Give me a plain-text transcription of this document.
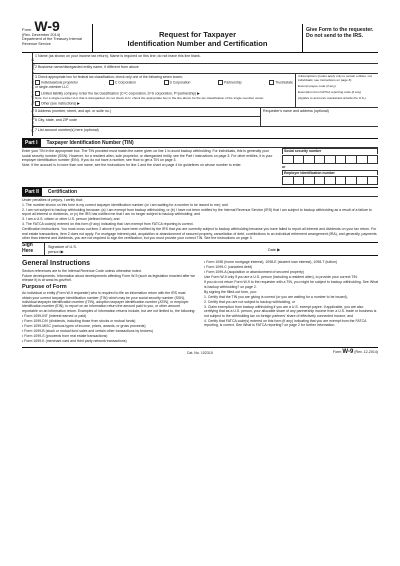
Form W-9
(Rev. December 2014)
Department of the Treasury Internal Revenue Service
Request for Taxpayer
Identification Number and Certification
Give Form to the requester. Do not send to the IRS.
Print or type See Specific Instructions on page 2.
1 Name (as shown on your income tax return). Name is required on this line; do not leave this line blank.
2 Business name/disregarded entity name, if different from above
3 Check appropriate box for federal tax classification; check only one of the following seven boxes:
Individual/sole proprietor or single-member LLC
C Corporation	S Corporation	Partnership	Trust/estate
Limited liability company. Enter the tax classification (C=C corporation, S=S corporation, P=partnership) ▶
Note. For a single-member LLC that is disregarded, do not check LLC; check the appropriate box in the line above for the tax classification of the single-member owner.
Other (see instructions) ▶
4 Exemptions (codes apply only to certain entities, not individuals; see instructions on page 3):
Exempt payee code (if any)
Exemption from FATCA reporting code (if any)
(Applies to accounts maintained outside the U.S.)
5 Address (number, street, and apt. or suite no.)
6 City, state, and ZIP code
Requester's name and address (optional)
7 List account number(s) here (optional)
Part I	Taxpayer Identification Number (TIN)
Enter your TIN in the appropriate box. The TIN provided must match the name given on line 1 to avoid backup withholding. For individuals, this is generally your social security number (SSN). However, for a resident alien, sole proprietor, or disregarded entity, see the Part I instructions on page 3. For other entities, it is your employer identification number (EIN). If you do not have a number, see How to get a TIN on page 3.
Note. If the account is in more than one name, see the instructions for line 1 and the chart on page 4 for guidelines on whose number to enter.
Social security number
or
Employer identification number
Part II	Certification
Under penalties of perjury, I certify that:
1. The number shown on this form is my correct taxpayer identification number (or I am waiting for a number to be issued to me); and
2. I am not subject to backup withholding because: (a) I am exempt from backup withholding, or (b) I have not been notified by the Internal Revenue Service (IRS) that I am subject to backup withholding as a result of a failure to report all interest or dividends, or (c) the IRS has notified me that I am no longer subject to backup withholding; and
3. I am a U.S. citizen or other U.S. person (defined below); and
4. The FATCA code(s) entered on this form (if any) indicating that I am exempt from FATCA reporting is correct.
Certification instructions. You must cross out item 2 above if you have been notified by the IRS that you are currently subject to backup withholding because you have failed to report all interest and dividends on your tax return. For real estate transactions, item 2 does not apply. For mortgage interest paid, acquisition or abandonment of secured property, cancellation of debt, contributions to an individual retirement arrangement (IRA), and generally, payments other than interest and dividends, you are not required to sign the certification, but you must provide your correct TIN. See the instructions on page 3.
Sign Here
Signature of U.S. person ▶	Date ▶
General Instructions
Section references are to the Internal Revenue Code unless otherwise noted.
Future developments. Information about developments affecting Form W-9 (such as legislation enacted after we release it) is at www.irs.gov/fw9.
Purpose of Form
An individual or entity (Form W-9 requester) who is required to file an information return with the IRS must obtain your correct taxpayer identification number (TIN) which may be your social security number (SSN), individual taxpayer identification number (ITIN), adoption taxpayer identification number (ATIN), or employer identification number (EIN), to report on an information return the amount paid to you, or other amount reportable on an information return. Examples of information returns include, but are not limited to, the following:
• Form 1099-INT (interest earned or paid)
• Form 1099-DIV (dividends, including those from stocks or mutual funds)
• Form 1099-MISC (various types of income, prizes, awards, or gross proceeds)
• Form 1099-B (stock or mutual fund sales and certain other transactions by brokers)
• Form 1099-S (proceeds from real estate transactions)
• Form 1099-K (merchant card and third party network transactions)
• Form 1098 (home mortgage interest), 1098-E (student loan interest), 1098-T (tuition)
• Form 1099-C (canceled debt)
• Form 1099-A (acquisition or abandonment of secured property)
Use Form W-9 only if you are a U.S. person (including a resident alien), to provide your correct TIN.
If you do not return Form W-9 to the requester with a TIN, you might be subject to backup withholding. See What is backup withholding? on page 2.
By signing the filled-out form, you:
1. Certify that the TIN you are giving is correct (or you are waiting for a number to be issued),
2. Certify that you are not subject to backup withholding, or
3. Claim exemption from backup withholding if you are a U.S. exempt payee. If applicable, you are also certifying that as a U.S. person, your allocable share of any partnership income from a U.S. trade or business is not subject to the withholding tax on foreign partners' share of effectively connected income, and
4. Certify that FATCA code(s) entered on this form (if any) indicating that you are exempt from the FATCA reporting, is correct. See What is FATCA reporting? on page 2 for further information.
Cat. No. 10231X	Form W-9 (Rev. 12-2014)
